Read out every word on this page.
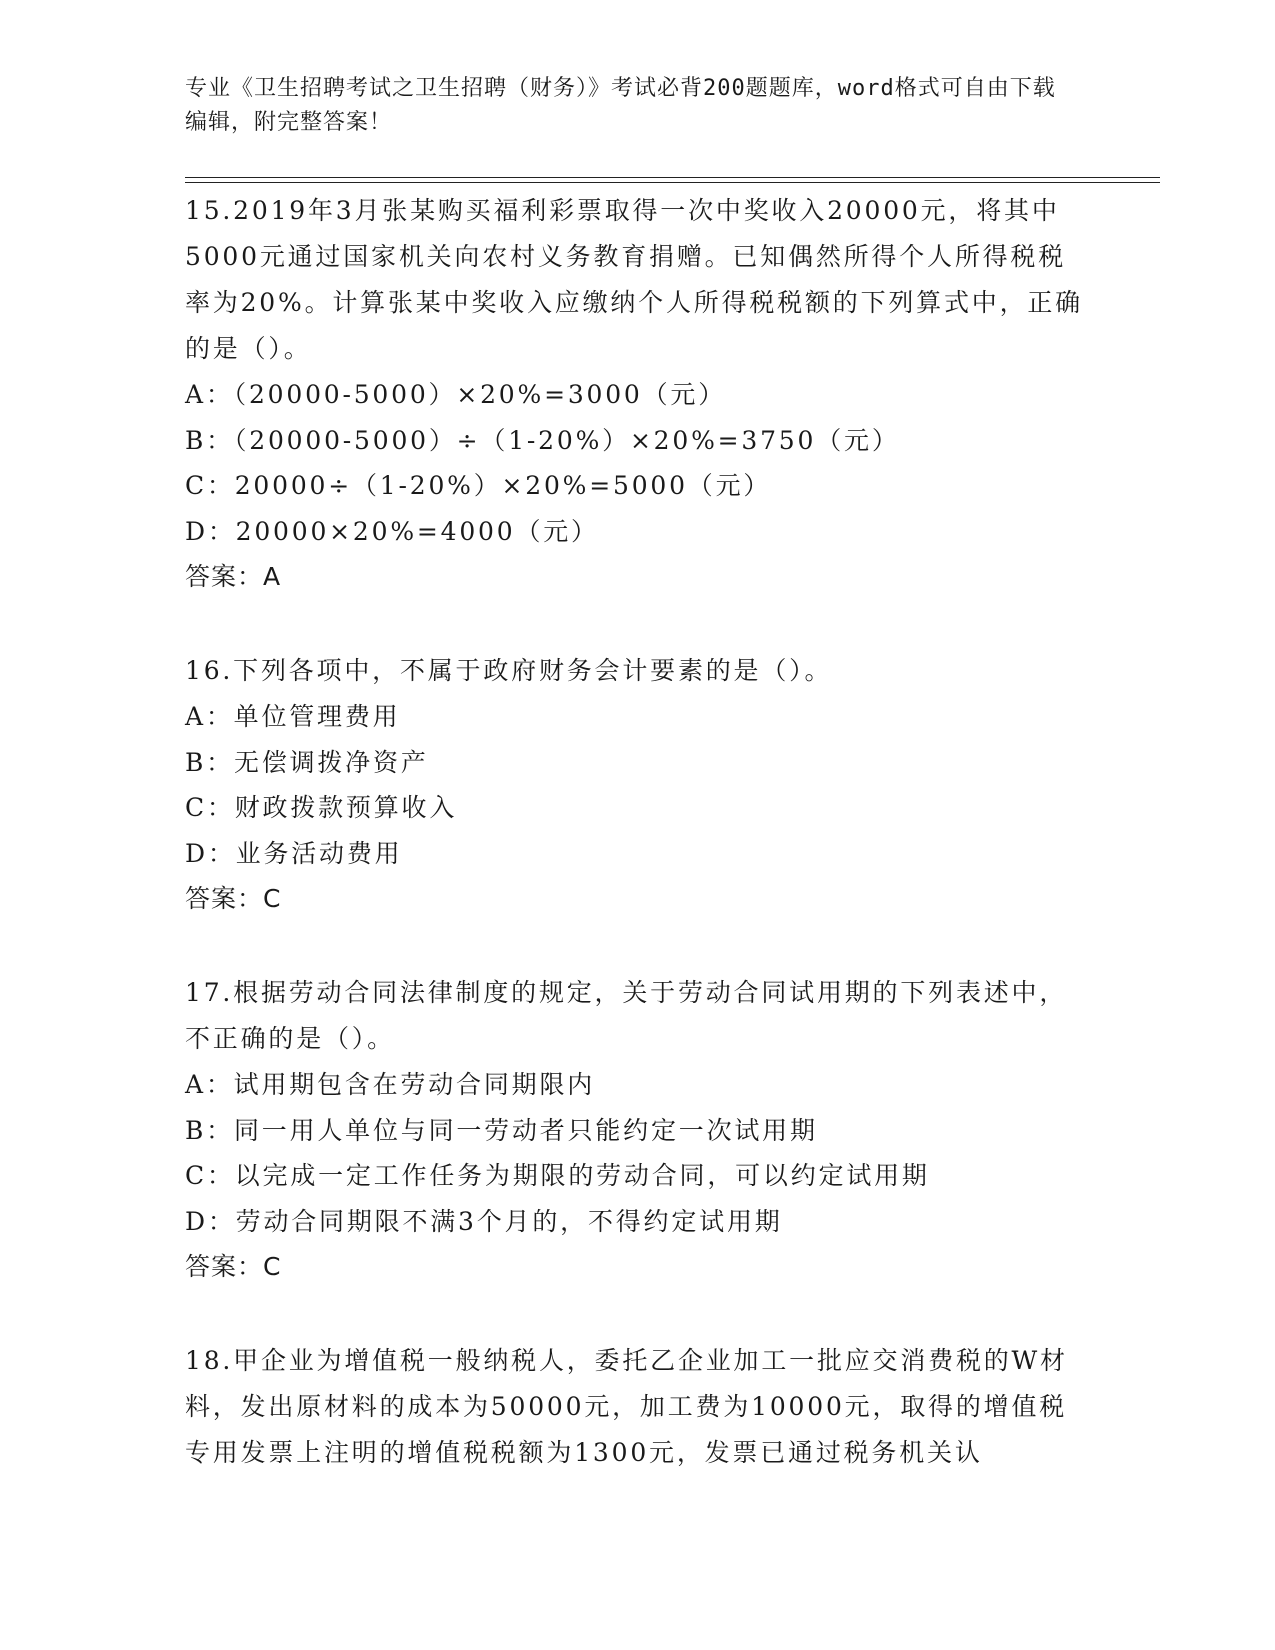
专业《卫生招聘考试之卫生招聘（财务）》考试必背200题题库，word格式可自由下载编辑，附完整答案！

15.2019年3月张某购买福利彩票取得一次中奖收入20000元，将其中5000元通过国家机关向农村义务教育捐赠。已知偶然所得个人所得税税率为20%。计算张某中奖收入应缴纳个人所得税税额的下列算式中，正确的是（）。

A：（20000-5000）×20%=3000（元）

B：（20000-5000）÷（1-20%）×20%=3750（元）

C：20000÷（1-20%）×20%=5000（元）

D：20000×20%=4000（元）

答案：A

16.下列各项中，不属于政府财务会计要素的是（）。

A：单位管理费用

B：无偿调拨净资产

C：财政拨款预算收入

D：业务活动费用

答案：C

17.根据劳动合同法律制度的规定，关于劳动合同试用期的下列表述中，不正确的是（）。

A：试用期包含在劳动合同期限内

B：同一用人单位与同一劳动者只能约定一次试用期

C：以完成一定工作任务为期限的劳动合同，可以约定试用期

D：劳动合同期限不满3个月的，不得约定试用期

答案：C

18.甲企业为增值税一般纳税人，委托乙企业加工一批应交消费税的W材料，发出原材料的成本为50000元，加工费为10000元，取得的增值税专用发票上注明的增值税税额为1300元，发票已通过税务机关认
